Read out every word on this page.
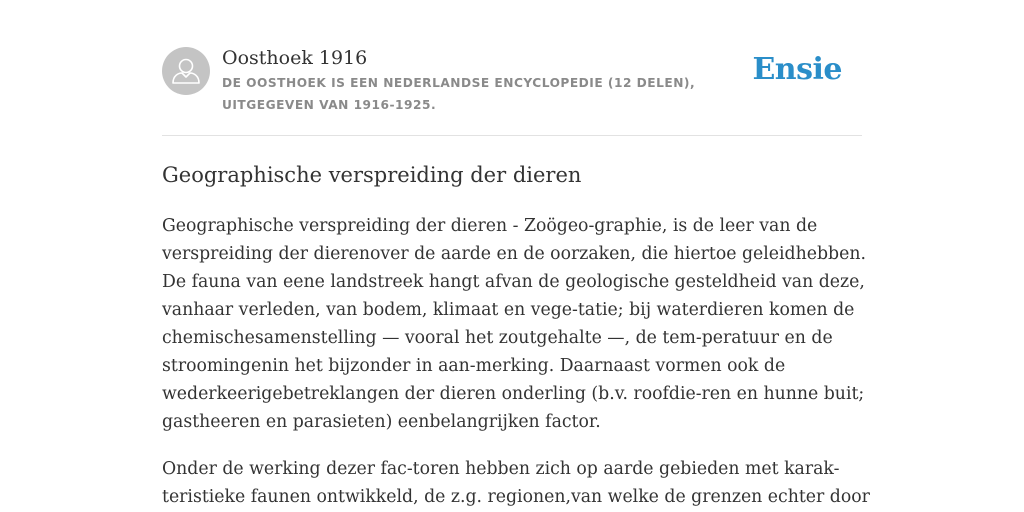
Oosthoek 1916
DE OOSTHOEK IS EEN NEDERLANDSE ENCYCLOPEDIE (12 DELEN), UITGEGEVEN VAN 1916-1925.
Ensie
Geographische verspreiding der dieren

Geographische verspreiding der dieren - Zoögeo-graphie, is de leer van de
verspreiding der dierenover de aarde en de oorzaken, die hiertoe geleidhebben.
De fauna van eene landstreek hangt afvan de geologische gesteldheid van deze,
vanhaar verleden, van bodem, klimaat en vege-tatie; bij waterdieren komen de
chemischesamenstelling — vooral het zoutgehalte —, de tem-peratuur en de
stroomingenin het bijzonder in aan-merking. Daarnaast vormen ook de
wederkeerigebetreklangen der dieren onderling (b.v. roofdie-ren en hunne buit;
gastheeren en parasieten) eenbelangrijken factor.

Onder de werking dezer fac-toren hebben zich op aarde gebieden met karak-
teristieke faunen ontwikkeld, de z.g. regionen,van welke de grenzen echter door
